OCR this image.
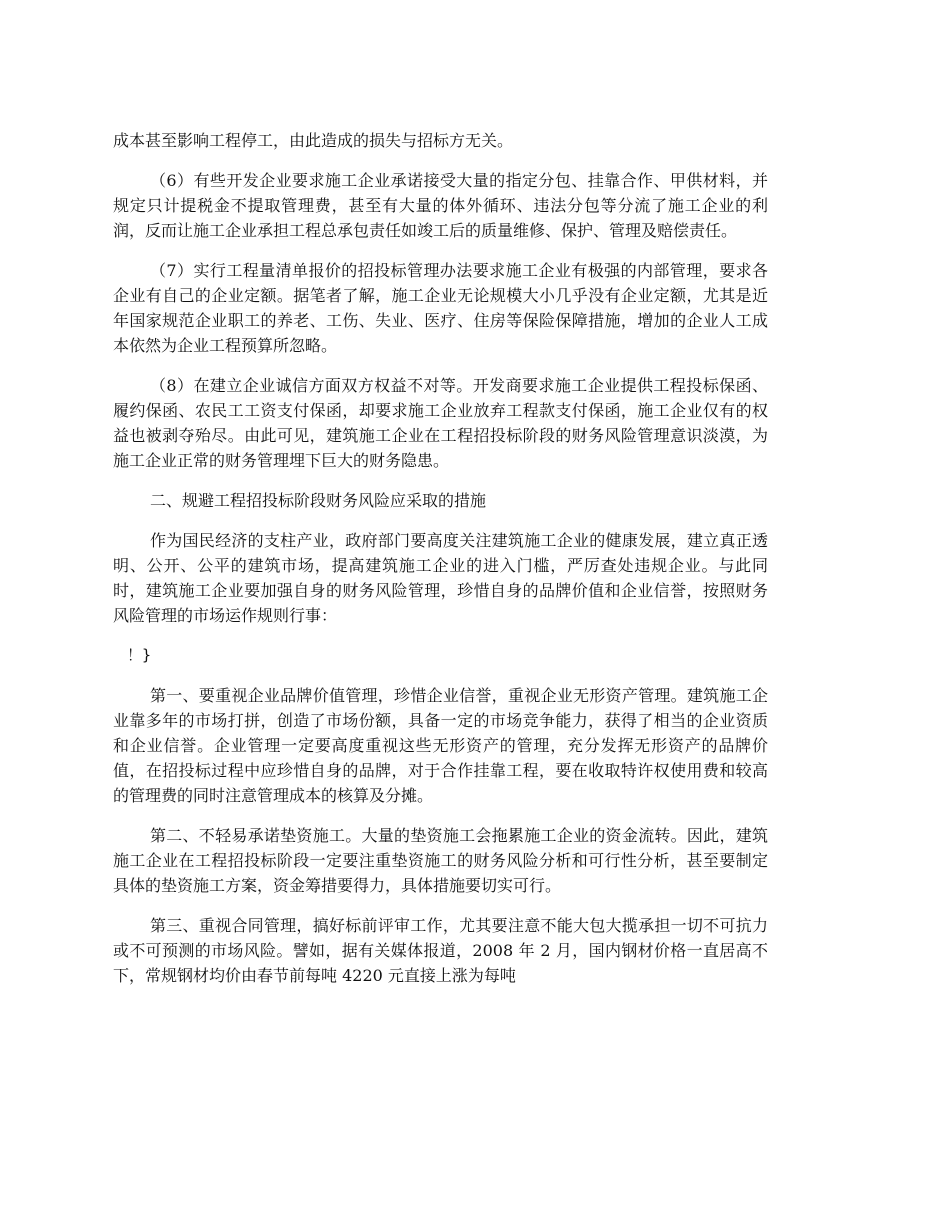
成本甚至影响工程停工，由此造成的损失与招标方无关。

（6）有些开发企业要求施工企业承诺接受大量的指定分包、挂靠合作、甲供材料，并规定只计提税金不提取管理费，甚至有大量的体外循环、违法分包等分流了施工企业的利润，反而让施工企业承担工程总承包责任如竣工后的质量维修、保护、管理及赔偿责任。

（7）实行工程量清单报价的招投标管理办法要求施工企业有极强的内部管理，要求各企业有自己的企业定额。据笔者了解，施工企业无论规模大小几乎没有企业定额，尤其是近年国家规范企业职工的养老、工伤、失业、医疗、住房等保险保障措施，增加的企业人工成本依然为企业工程预算所忽略。

（8）在建立企业诚信方面双方权益不对等。开发商要求施工企业提供工程投标保函、履约保函、农民工工资支付保函，却要求施工企业放弃工程款支付保函，施工企业仅有的权益也被剥夺殆尽。由此可见，建筑施工企业在工程招投标阶段的财务风险管理意识淡漠，为施工企业正常的财务管理埋下巨大的财务隐患。

二、规避工程招投标阶段财务风险应采取的措施

作为国民经济的支柱产业，政府部门要高度关注建筑施工企业的健康发展，建立真正透明、公开、公平的建筑市场，提高建筑施工企业的进入门槛，严厉查处违规企业。与此同时，建筑施工企业要加强自身的财务风险管理，珍惜自身的品牌价值和企业信誉，按照财务风险管理的市场运作规则行事：

！}

第一、要重视企业品牌价值管理，珍惜企业信誉，重视企业无形资产管理。建筑施工企业靠多年的市场打拼，创造了市场份额，具备一定的市场竞争能力，获得了相当的企业资质和企业信誉。企业管理一定要高度重视这些无形资产的管理，充分发挥无形资产的品牌价值，在招投标过程中应珍惜自身的品牌，对于合作挂靠工程，要在收取特许权使用费和较高的管理费的同时注意管理成本的核算及分摊。

第二、不轻易承诺垫资施工。大量的垫资施工会拖累施工企业的资金流转。因此，建筑施工企业在工程招投标阶段一定要注重垫资施工的财务风险分析和可行性分析，甚至要制定具体的垫资施工方案，资金筹措要得力，具体措施要切实可行。

第三、重视合同管理，搞好标前评审工作，尤其要注意不能大包大揽承担一切不可抗力或不可预测的市场风险。譬如，据有关媒体报道，2008 年 2 月，国内钢材价格一直居高不下，常规钢材均价由春节前每吨 4220 元直接上涨为每吨
